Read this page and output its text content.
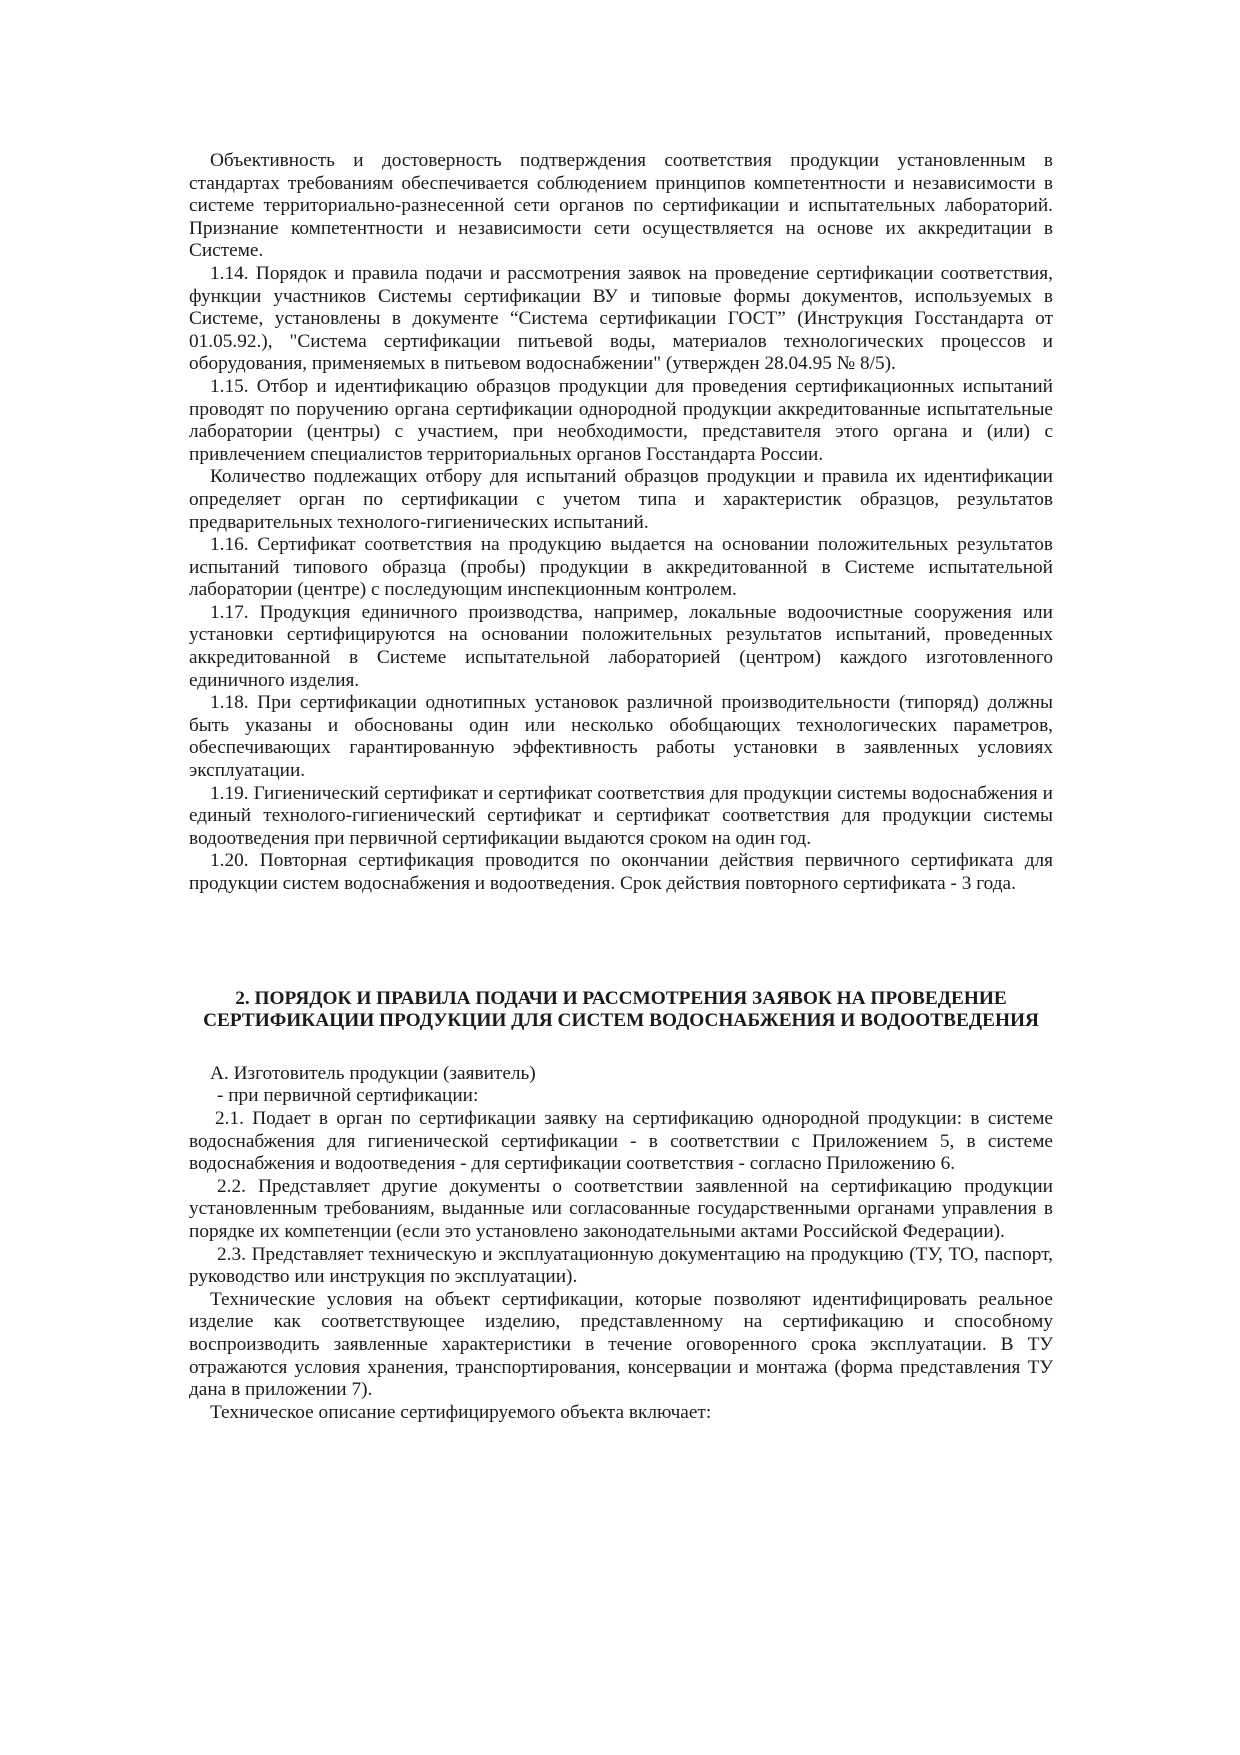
Объективность и достоверность подтверждения соответствия продукции установленным в стандартах требованиям обеспечивается соблюдением принципов компетентности и независимости в системе территориально-разнесенной сети органов по сертификации и испытательных лабораторий. Признание компетентности и независимости сети осуществляется на основе их аккредитации в Системе.

1.14. Порядок и правила подачи и рассмотрения заявок на проведение сертификации соответствия, функции участников Системы сертификации ВУ и типовые формы документов, используемых в Системе, установлены в документе “Система сертификации ГОСТ” (Инструкция Госстандарта от 01.05.92.), "Система сертификации питьевой воды, материалов технологических процессов и оборудования, применяемых в питьевом водоснабжении" (утвержден 28.04.95 № 8/5).

1.15. Отбор и идентификацию образцов продукции для проведения сертификационных испытаний проводят по поручению органа сертификации однородной продукции аккредитованные испытательные лаборатории (центры) с участием, при необходимости, представителя этого органа и (или) с привлечением специалистов территориальных органов Госстандарта России.

Количество подлежащих отбору для испытаний образцов продукции и правила их идентификации определяет орган по сертификации с учетом типа и характеристик образцов, результатов предварительных технолого-гигиенических испытаний.

1.16. Сертификат соответствия на продукцию выдается на основании положительных результатов испытаний типового образца (пробы) продукции в аккредитованной в Системе испытательной лаборатории (центре) с последующим инспекционным контролем.

1.17. Продукция единичного производства, например, локальные водоочистные сооружения или установки сертифицируются на основании положительных результатов испытаний, проведенных аккредитованной в Системе испытательной лабораторией (центром) каждого изготовленного единичного изделия.

1.18. При сертификации однотипных установок различной производительности (типоряд) должны быть указаны и обоснованы один или несколько обобщающих технологических параметров, обеспечивающих гарантированную эффективность работы установки в заявленных условиях эксплуатации.

1.19. Гигиенический сертификат и сертификат соответствия для продукции системы водоснабжения и единый технолого-гигиенический сертификат и сертификат соответствия для продукции системы водоотведения при первичной сертификации выдаются сроком на один год.

1.20. Повторная сертификация проводится по окончании действия первичного сертификата для продукции систем водоснабжения и водоотведения. Срок действия повторного сертификата - 3 года.

2. ПОРЯДОК И ПРАВИЛА ПОДАЧИ И РАССМОТРЕНИЯ ЗАЯВОК НА ПРОВЕДЕНИЕ СЕРТИФИКАЦИИ ПРОДУКЦИИ ДЛЯ СИСТЕМ ВОДОСНАБЖЕНИЯ И ВОДООТВЕДЕНИЯ

А. Изготовитель продукции (заявитель)

- при первичной сертификации:

2.1. Подает в орган по сертификации заявку на сертификацию однородной продукции: в системе водоснабжения для гигиенической сертификации - в соответствии с Приложением 5, в системе водоснабжения и водоотведения - для сертификации соответствия - согласно Приложению 6.

2.2. Представляет другие документы о соответствии заявленной на сертификацию продукции установленным требованиям, выданные или согласованные государственными органами управления в порядке их компетенции (если это установлено законодательными актами Российской Федерации).

2.3. Представляет техническую и эксплуатационную документацию на продукцию (ТУ, ТО, паспорт, руководство или инструкция по эксплуатации).

Технические условия на объект сертификации, которые позволяют идентифицировать реальное изделие как соответствующее изделию, представленному на сертификацию и способному воспроизводить заявленные характеристики в течение оговоренного срока эксплуатации. В ТУ отражаются условия хранения, транспортирования, консервации и монтажа (форма представления ТУ дана в приложении 7).

Техническое описание сертифицируемого объекта включает:
